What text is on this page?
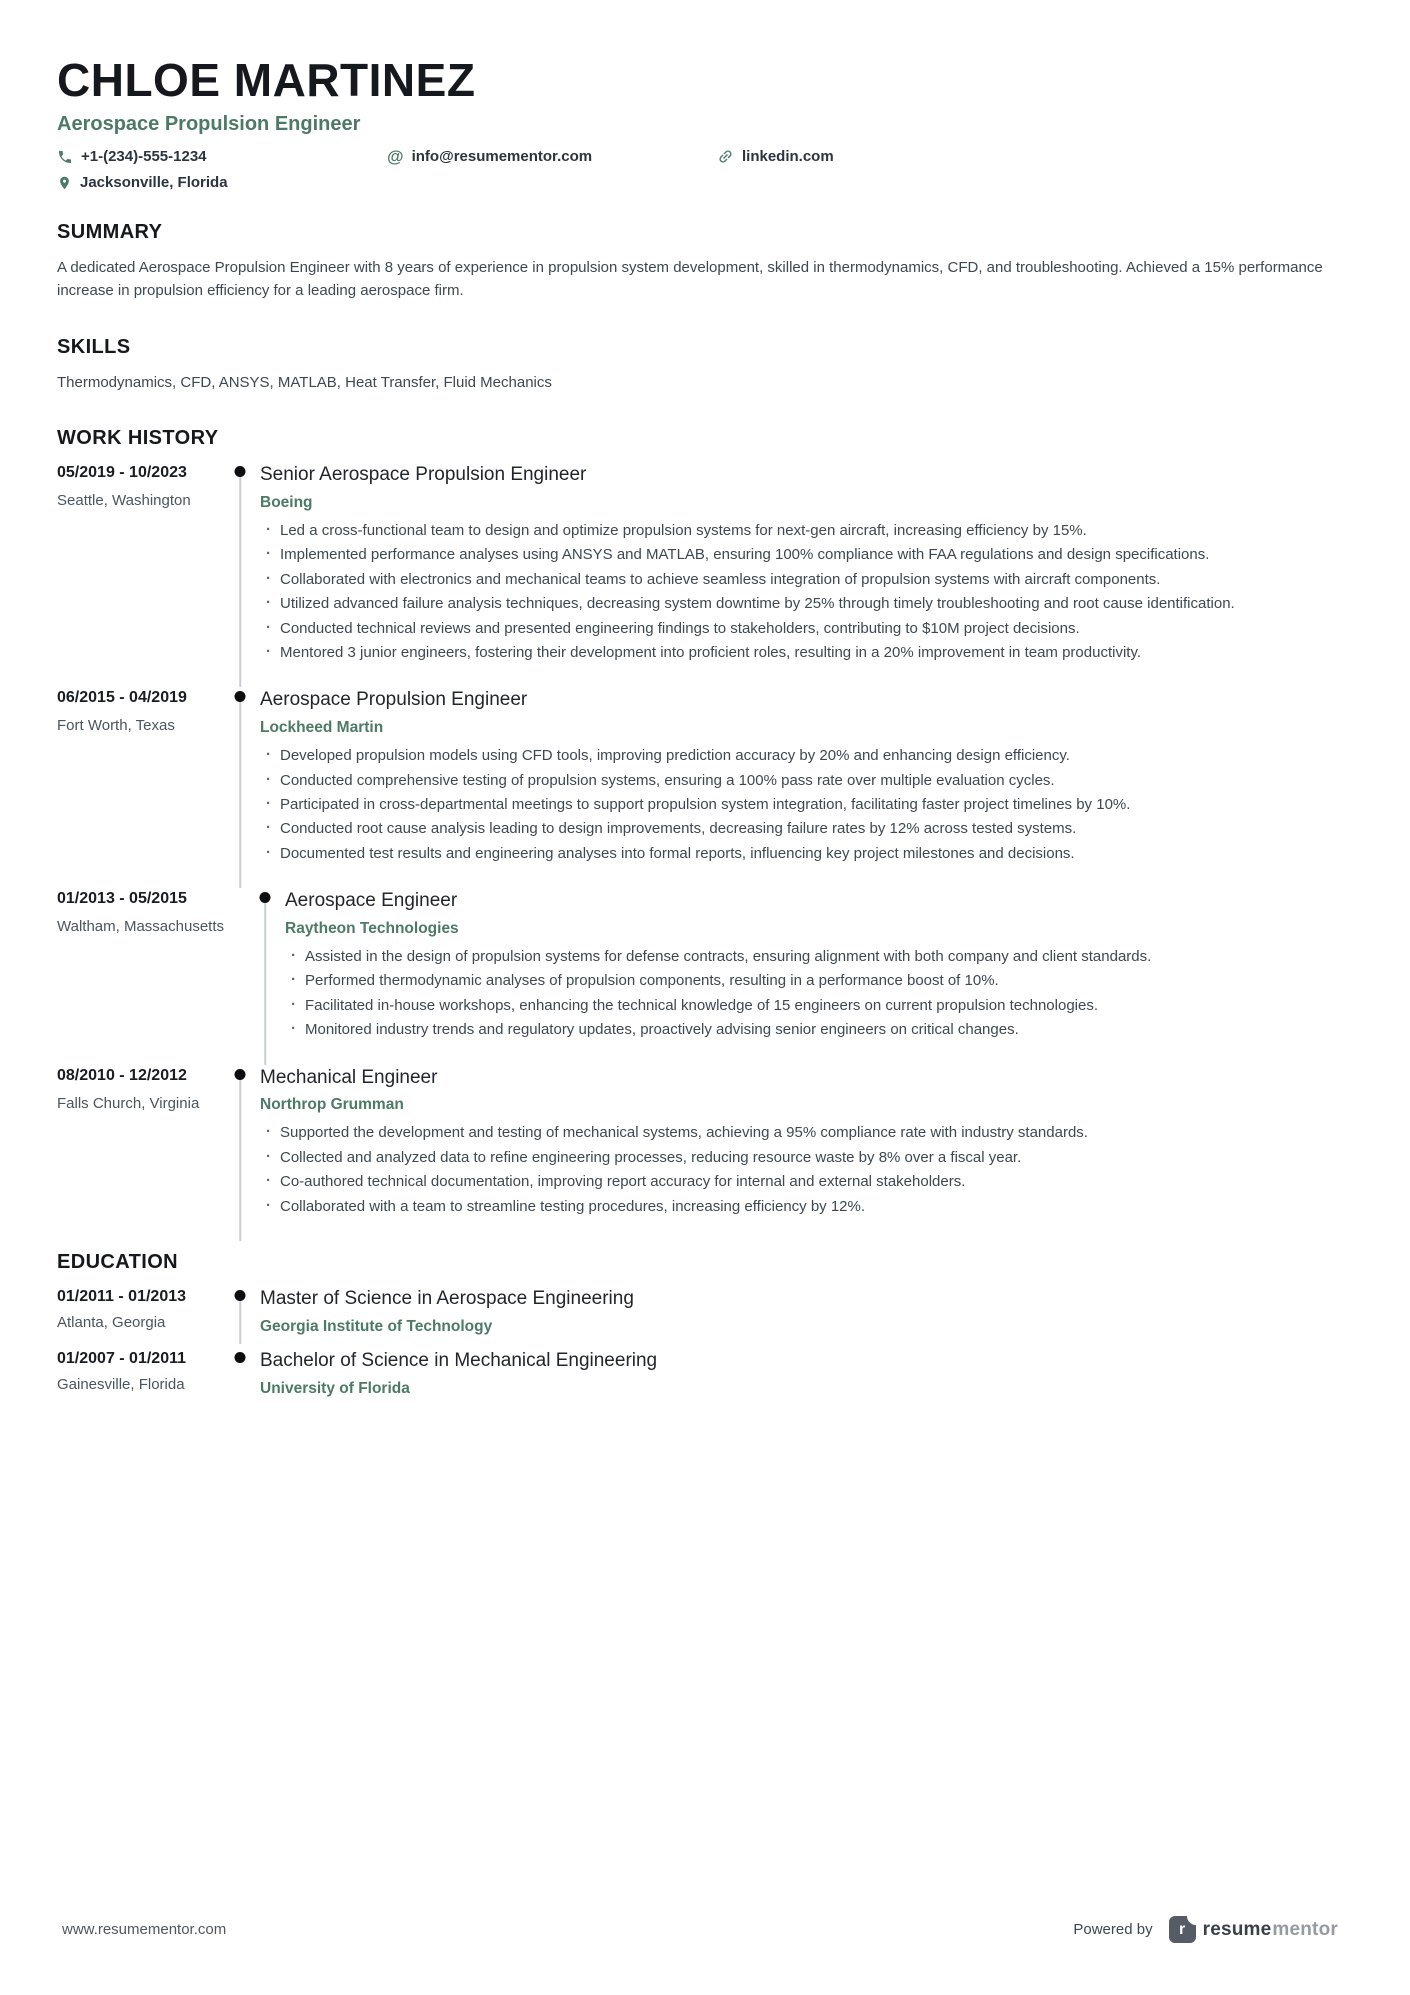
CHLOE MARTINEZ
Aerospace Propulsion Engineer
+1-(234)-555-1234	@ info@resumementor.com	linkedin.com
Jacksonville, Florida
SUMMARY
A dedicated Aerospace Propulsion Engineer with 8 years of experience in propulsion system development, skilled in thermodynamics, CFD, and troubleshooting. Achieved a 15% performance increase in propulsion efficiency for a leading aerospace firm.
SKILLS
Thermodynamics, CFD, ANSYS, MATLAB, Heat Transfer, Fluid Mechanics
WORK HISTORY
05/2019 - 10/2023
Seattle, Washington
Senior Aerospace Propulsion Engineer
Boeing
· Led a cross-functional team to design and optimize propulsion systems for next-gen aircraft, increasing efficiency by 15%.
· Implemented performance analyses using ANSYS and MATLAB, ensuring 100% compliance with FAA regulations and design specifications.
· Collaborated with electronics and mechanical teams to achieve seamless integration of propulsion systems with aircraft components.
· Utilized advanced failure analysis techniques, decreasing system downtime by 25% through timely troubleshooting and root cause identification.
· Conducted technical reviews and presented engineering findings to stakeholders, contributing to $10M project decisions.
· Mentored 3 junior engineers, fostering their development into proficient roles, resulting in a 20% improvement in team productivity.
06/2015 - 04/2019
Fort Worth, Texas
Aerospace Propulsion Engineer
Lockheed Martin
· Developed propulsion models using CFD tools, improving prediction accuracy by 20% and enhancing design efficiency.
· Conducted comprehensive testing of propulsion systems, ensuring a 100% pass rate over multiple evaluation cycles.
· Participated in cross-departmental meetings to support propulsion system integration, facilitating faster project timelines by 10%.
· Conducted root cause analysis leading to design improvements, decreasing failure rates by 12% across tested systems.
· Documented test results and engineering analyses into formal reports, influencing key project milestones and decisions.
01/2013 - 05/2015
Waltham, Massachusetts
Aerospace Engineer
Raytheon Technologies
· Assisted in the design of propulsion systems for defense contracts, ensuring alignment with both company and client standards.
· Performed thermodynamic analyses of propulsion components, resulting in a performance boost of 10%.
· Facilitated in-house workshops, enhancing the technical knowledge of 15 engineers on current propulsion technologies.
· Monitored industry trends and regulatory updates, proactively advising senior engineers on critical changes.
08/2010 - 12/2012
Falls Church, Virginia
Mechanical Engineer
Northrop Grumman
· Supported the development and testing of mechanical systems, achieving a 95% compliance rate with industry standards.
· Collected and analyzed data to refine engineering processes, reducing resource waste by 8% over a fiscal year.
· Co-authored technical documentation, improving report accuracy for internal and external stakeholders.
· Collaborated with a team to streamline testing procedures, increasing efficiency by 12%.
EDUCATION
01/2011 - 01/2013
Atlanta, Georgia
Master of Science in Aerospace Engineering
Georgia Institute of Technology
01/2007 - 01/2011
Gainesville, Florida
Bachelor of Science in Mechanical Engineering
University of Florida
www.resumementor.com	Powered by	r resume mentor
